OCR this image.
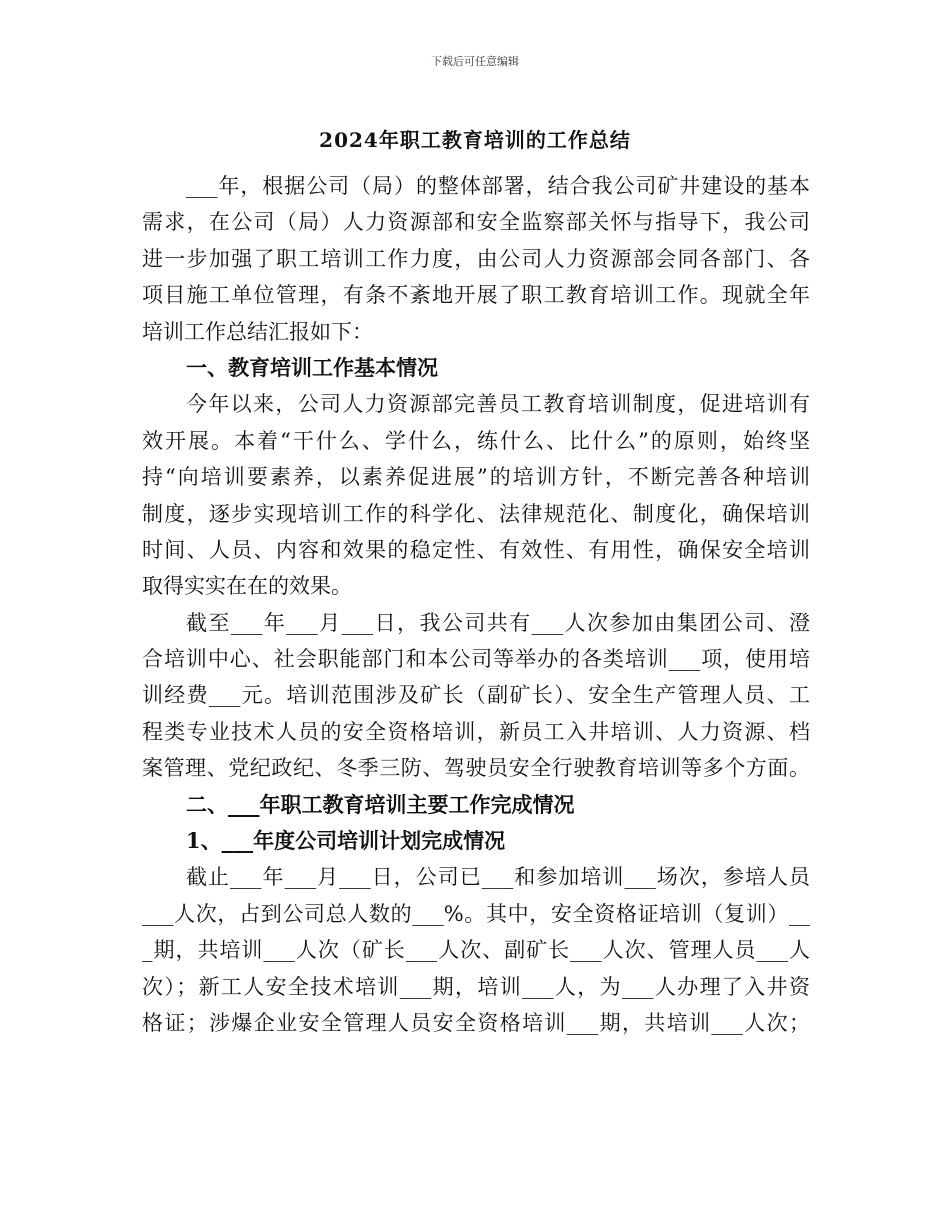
下载后可任意编辑
2024年职工教育培训的工作总结
___年，根据公司（局）的整体部署，结合我公司矿井建设的基本
需求，在公司（局）人力资源部和安全监察部关怀与指导下，我公司
进一步加强了职工培训工作力度，由公司人力资源部会同各部门、各
项目施工单位管理，有条不紊地开展了职工教育培训工作。现就全年
培训工作总结汇报如下：
一、教育培训工作基本情况
今年以来，公司人力资源部完善员工教育培训制度，促进培训有
效开展。本着“干什么、学什么，练什么、比什么”的原则，始终坚
持“向培训要素养，以素养促进展”的培训方针，不断完善各种培训
制度，逐步实现培训工作的科学化、法律规范化、制度化，确保培训
时间、人员、内容和效果的稳定性、有效性、有用性，确保安全培训
取得实实在在的效果。
截至___年___月___日，我公司共有___人次参加由集团公司、澄
合培训中心、社会职能部门和本公司等举办的各类培训___项，使用培
训经费___元。培训范围涉及矿长（副矿长）、安全生产管理人员、工
程类专业技术人员的安全资格培训，新员工入井培训、人力资源、档
案管理、党纪政纪、冬季三防、驾驶员安全行驶教育培训等多个方面。
二、___年职工教育培训主要工作完成情况
1、___年度公司培训计划完成情况
截止___年___月___日，公司已___和参加培训___场次，参培人员
___人次，占到公司总人数的___%。其中，安全资格证培训（复训）__
_期，共培训___人次（矿长___人次、副矿长___人次、管理人员___人
次）；新工人安全技术培训___期，培训___人，为___人办理了入井资
格证；涉爆企业安全管理人员安全资格培训___期，共培训___人次；
